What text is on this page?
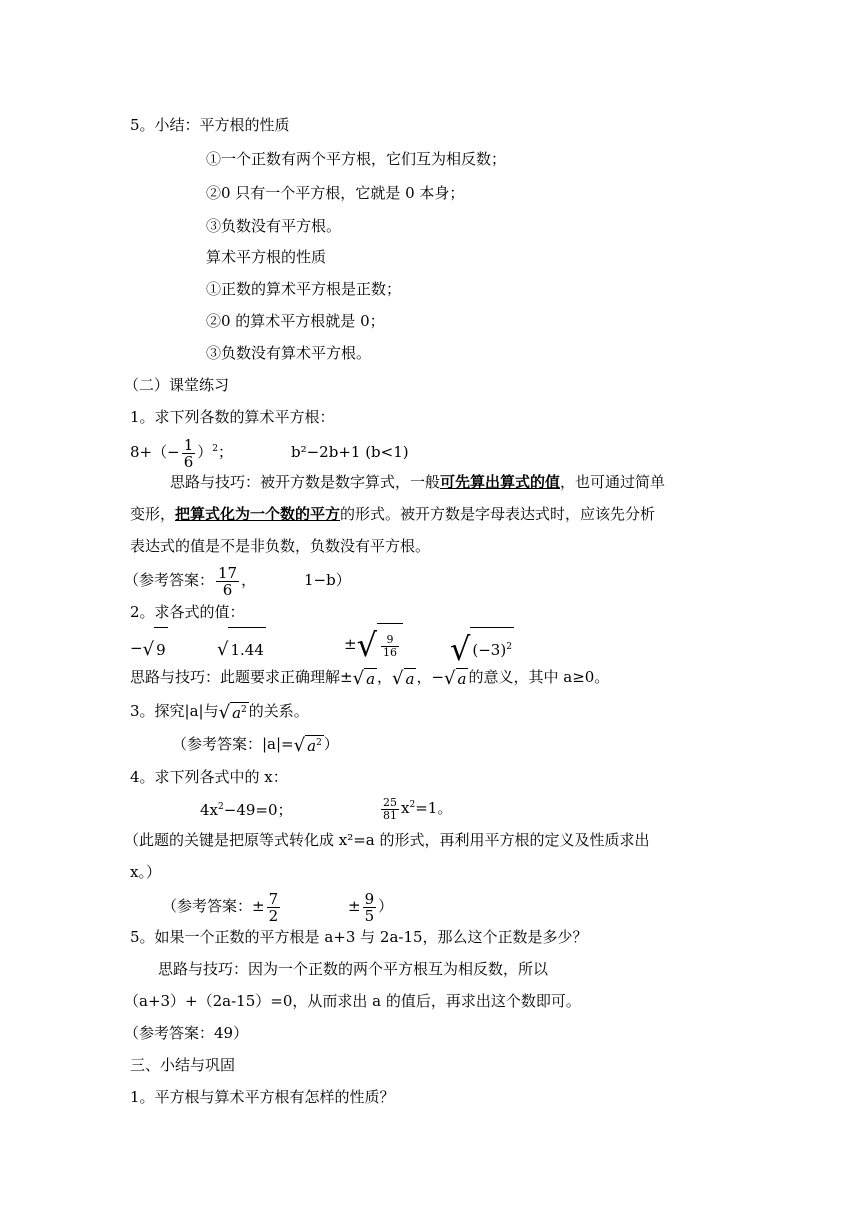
5。小结：平方根的性质
①一个正数有两个平方根，它们互为相反数；
②0 只有一个平方根，它就是 0 本身；
③负数没有平方根。
算术平方根的性质
①正数的算术平方根是正数；
②0 的算术平方根就是 0；
③负数没有算术平方根。
（二）课堂练习
1。求下列各数的算术平方根：
$8+(- \frac{1}{6} )^2$；	b²−2b+1 (b<1)
思路与技巧：被开方数是数字算式，一般可先算出算式的值，也可通过简单
变形，把算式化为一个数的平方的形式。被开方数是字母表达式时，应该先分析
表达式的值是不是非负数，负数没有平方根。
（参考答案： $\frac{17}{6}$ ，	1−b）
2。求各式的值：
−√ 9	√ 1.44	±√ $\frac{9}{16}$ √ $(-3)^2$
思路与技巧：此题要求正确理解±√ a ，√ a ，−√ a 的意义，其中 a≥0。
3。探究|a|与√ $a^2$ 的关系。
（参考答案：|a|=√ $a^2$ ）
4。求下列各式中的 x：
$4x^2-49=0$；	$\frac{25}{81} x^2=1$。
（此题的关键是把原等式转化成 x²=a 的形式，再利用平方根的定义及性质求出
x。）
（参考答案：± $\frac{7}{2}$	± $\frac{9}{5}$ ）
5。如果一个正数的平方根是 a+3 与 2a-15，那么这个正数是多少？
思路与技巧：因为一个正数的两个平方根互为相反数，所以
（a+3）+（2a-15）=0，从而求出 a 的值后，再求出这个数即可。
（参考答案：49）
三、小结与巩固
1。平方根与算术平方根有怎样的性质？
